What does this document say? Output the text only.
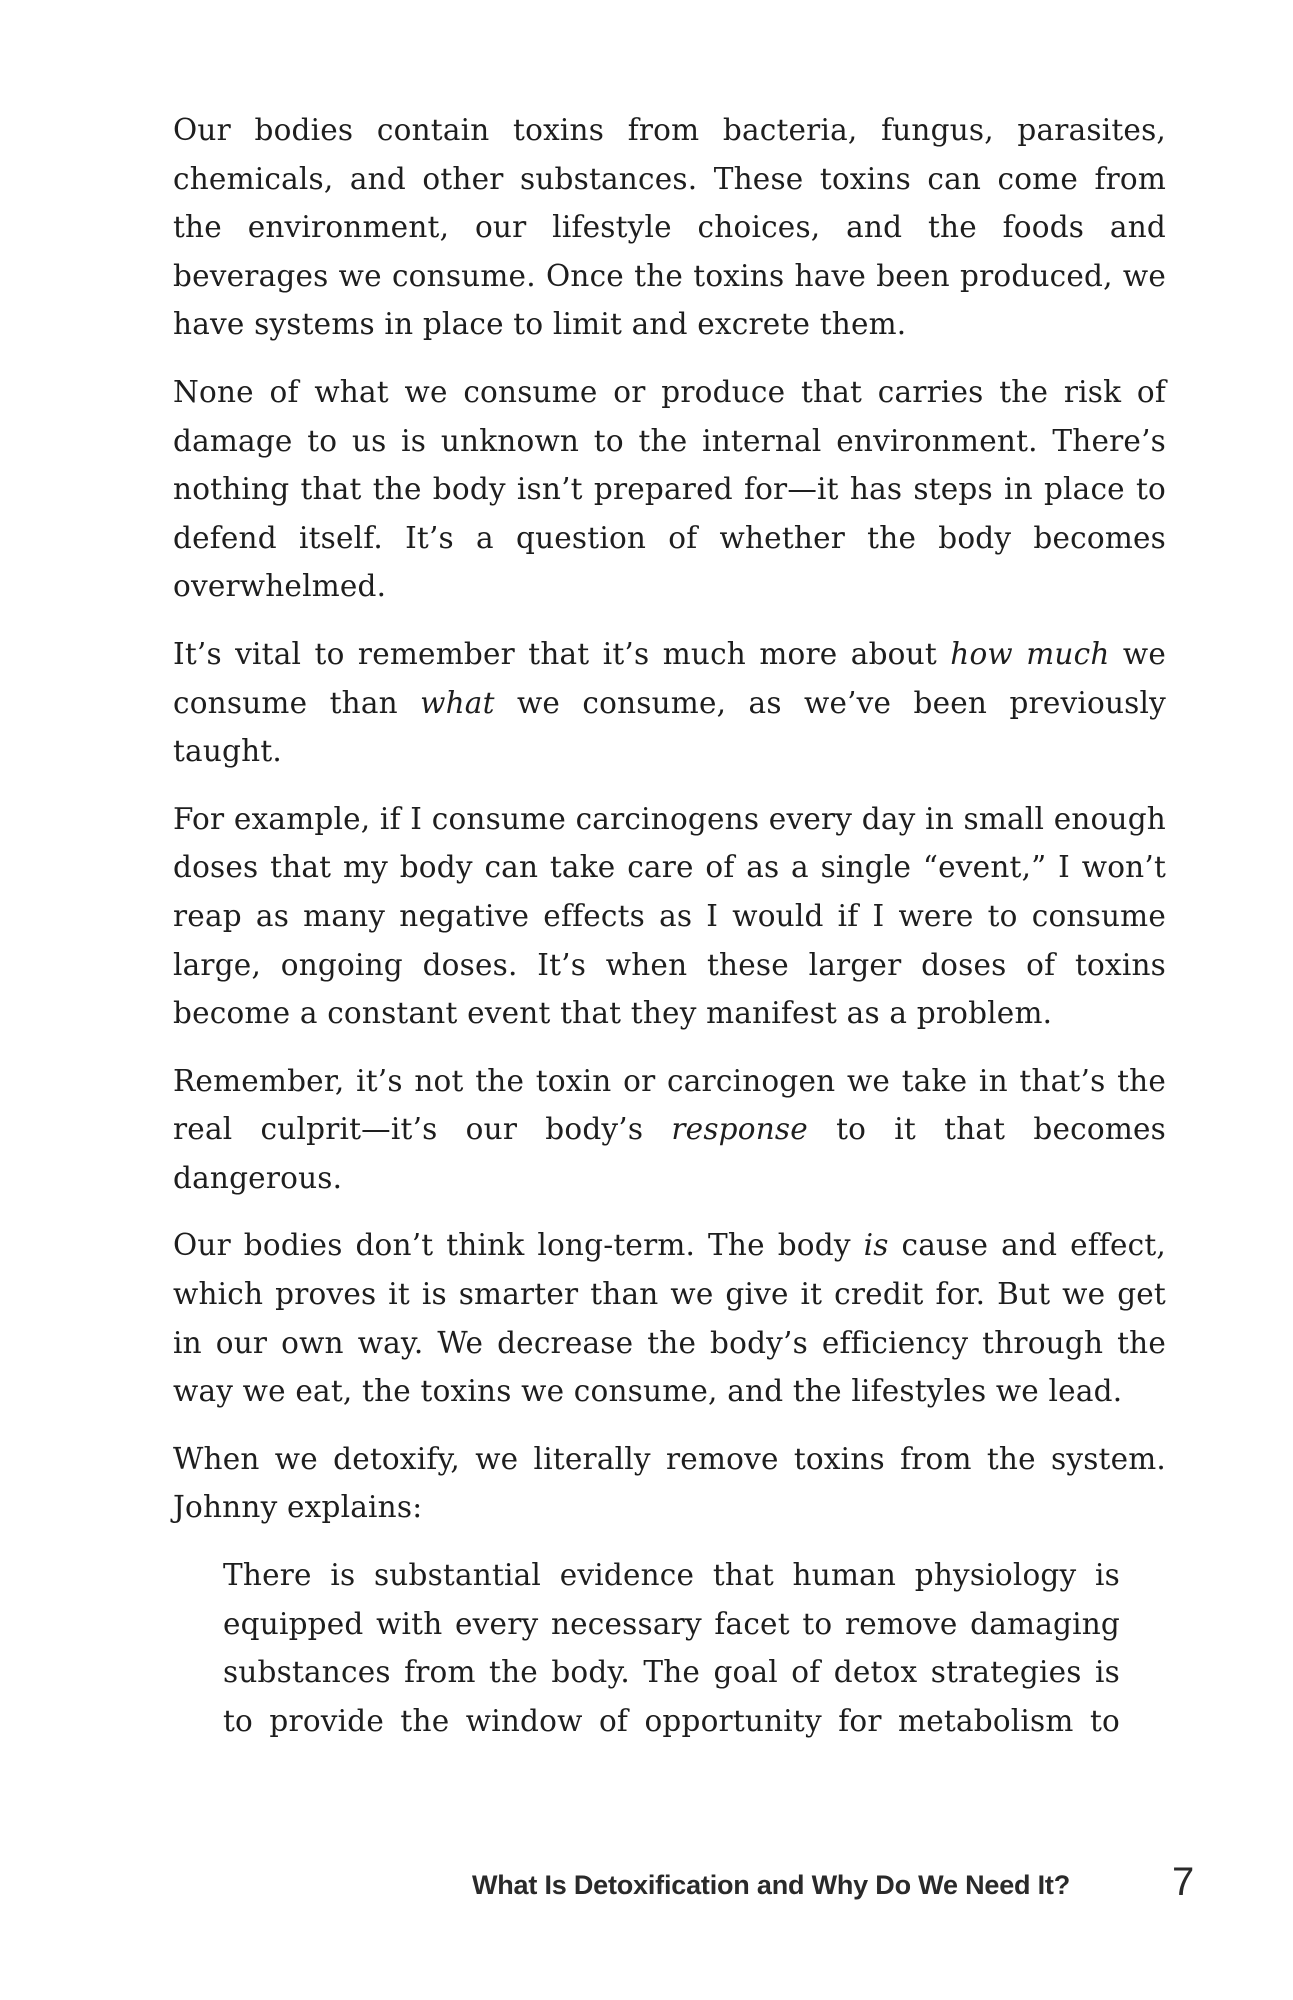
Our bodies contain toxins from bacteria, fungus, parasites, chemicals, and other substances. These toxins can come from the environment, our lifestyle choices, and the foods and beverages we consume. Once the toxins have been produced, we have systems in place to limit and excrete them.

None of what we consume or produce that carries the risk of damage to us is unknown to the internal environment. There’s nothing that the body isn’t prepared for—it has steps in place to defend itself. It’s a question of whether the body becomes overwhelmed.

It’s vital to remember that it’s much more about how much we consume than what we consume, as we’ve been previously taught.

For example, if I consume carcinogens every day in small enough doses that my body can take care of as a single “event,” I won’t reap as many negative effects as I would if I were to consume large, ongoing doses. It’s when these larger doses of toxins become a constant event that they manifest as a problem.

Remember, it’s not the toxin or carcinogen we take in that’s the real culprit—it’s our body’s response to it that becomes dangerous.

Our bodies don’t think long-term. The body is cause and effect, which proves it is smarter than we give it credit for. But we get in our own way. We decrease the body’s efficiency through the way we eat, the toxins we consume, and the lifestyles we lead.

When we detoxify, we literally remove toxins from the system. Johnny explains:

There is substantial evidence that human physiology is equipped with every necessary facet to remove damaging substances from the body. The goal of detox strategies is to provide the window of opportunity for metabolism to

What Is Detoxification and Why Do We Need It?	7
